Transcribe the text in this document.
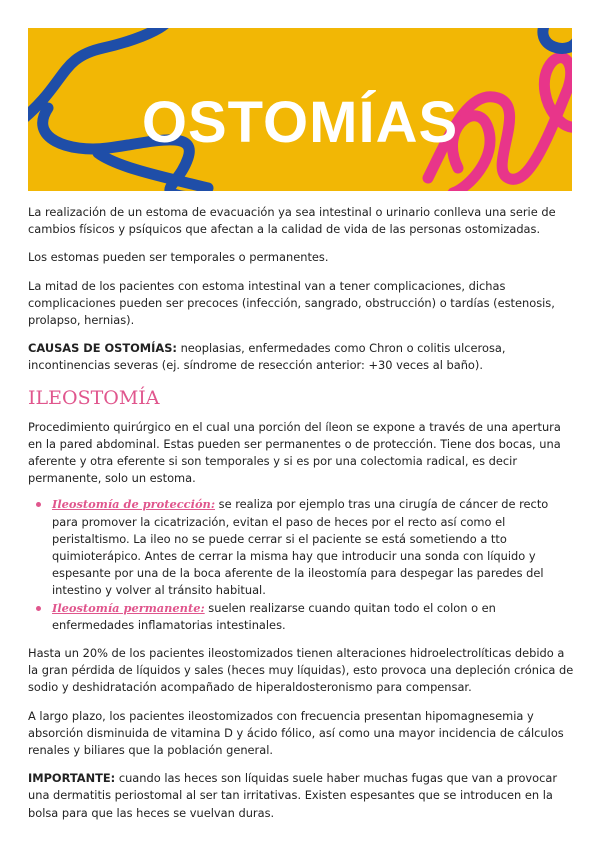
OSTOMÍAS

La realización de un estoma de evacuación ya sea intestinal o urinario conlleva una serie de cambios físicos y psíquicos que afectan a la calidad de vida de las personas ostomizadas.

Los estomas pueden ser temporales o permanentes.

La mitad de los pacientes con estoma intestinal van a tener complicaciones, dichas complicaciones pueden ser precoces (infección, sangrado, obstrucción) o tardías (estenosis, prolapso, hernias).

CAUSAS DE OSTOMÍAS: neoplasias, enfermedades como Chron o colitis ulcerosa, incontinencias severas (ej. síndrome de resección anterior: +30 veces al baño).

ILEOSTOMÍA

Procedimiento quirúrgico en el cual una porción del íleon se expone a través de una apertura en la pared abdominal. Estas pueden ser permanentes o de protección. Tiene dos bocas, una aferente y otra eferente si son temporales y si es por una colectomia radical, es decir permanente, solo un estoma.

Ileostomía de protección: se realiza por ejemplo tras una cirugía de cáncer de recto para promover la cicatrización, evitan el paso de heces por el recto así como el peristaltismo. La ileo no se puede cerrar si el paciente se está sometiendo a tto quimioterápico. Antes de cerrar la misma hay que introducir una sonda con líquido y espesante por una de la boca aferente de la ileostomía para despegar las paredes del intestino y volver al tránsito habitual.
Ileostomía permanente: suelen realizarse cuando quitan todo el colon o en enfermedades inflamatorias intestinales.

Hasta un 20% de los pacientes ileostomizados tienen alteraciones hidroelectrolíticas debido a la gran pérdida de líquidos y sales (heces muy líquidas), esto provoca una depleción crónica de sodio y deshidratación acompañado de hiperaldosteronismo para compensar.

A largo plazo, los pacientes ileostomizados con frecuencia presentan hipomagnesemia y absorción disminuida de vitamina D y ácido fólico, así como una mayor incidencia de cálculos renales y biliares que la población general.

IMPORTANTE: cuando las heces son líquidas suele haber muchas fugas que van a provocar una dermatitis periostomal al ser tan irritativas. Existen espesantes que se introducen en la bolsa para que las heces se vuelvan duras.
